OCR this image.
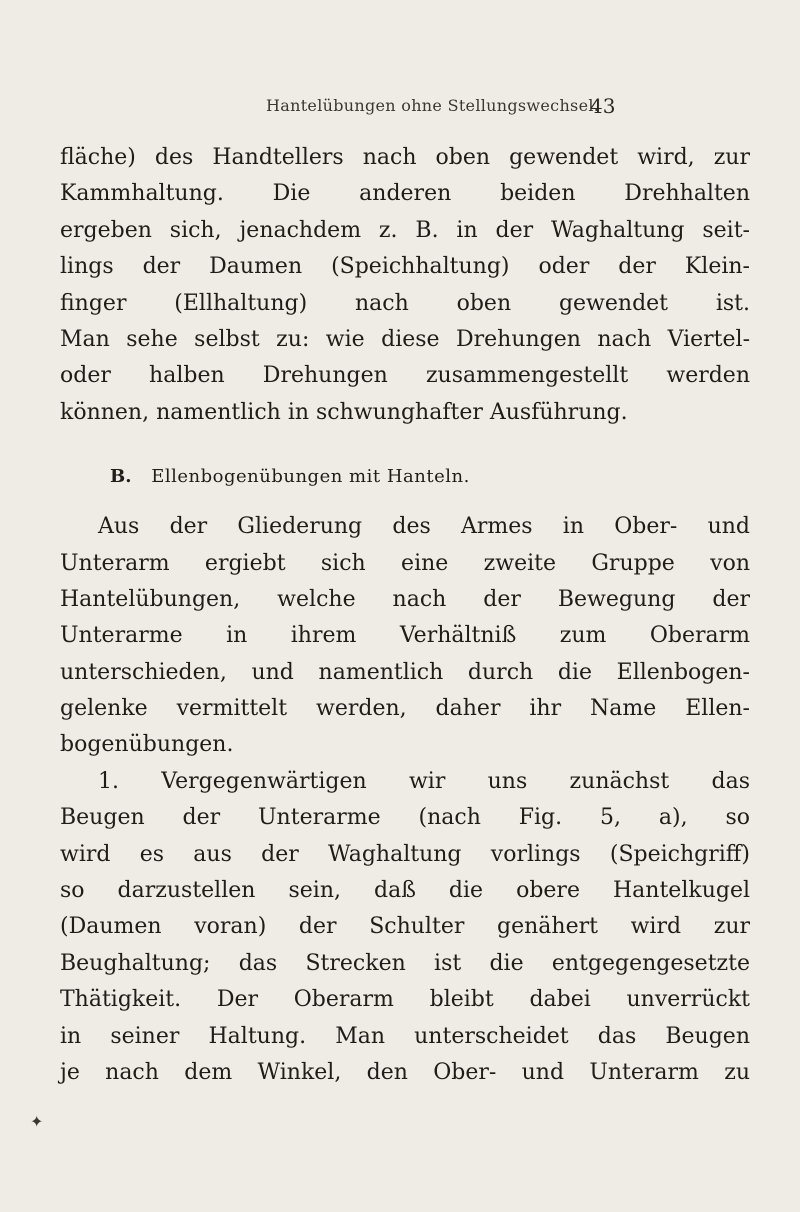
Hantelübungen ohne Stellungswechsel.
43
fläche) des Handtellers nach oben gewendet wird, zur
Kammhaltung. Die anderen beiden Drehhalten
ergeben sich, jenachdem z. B. in der Waghaltung seit-
lings der Daumen (Speichhaltung) oder der Klein-
finger (Ellhaltung) nach oben gewendet ist.
Man sehe selbst zu: wie diese Drehungen nach Viertel-
oder halben Drehungen zusammengestellt werden
können, namentlich in schwunghafter Ausführung.
B. Ellenbogenübungen mit Hanteln.
Aus der Gliederung des Armes in Ober- und
Unterarm ergiebt sich eine zweite Gruppe von
Hantelübungen, welche nach der Bewegung der
Unterarme in ihrem Verhältniß zum Oberarm
unterschieden, und namentlich durch die Ellenbogen-
gelenke vermittelt werden, daher ihr Name Ellen-
bogenübungen.
1. Vergegenwärtigen wir uns zunächst das
Beugen der Unterarme (nach Fig. 5, a), so
wird es aus der Waghaltung vorlings (Speichgriff)
so darzustellen sein, daß die obere Hantelkugel
(Daumen voran) der Schulter genähert wird zur
Beughaltung; das Strecken ist die entgegengesetzte
Thätigkeit. Der Oberarm bleibt dabei unverrückt
in seiner Haltung. Man unterscheidet das Beugen
je nach dem Winkel, den Ober- und Unterarm zu
✦
